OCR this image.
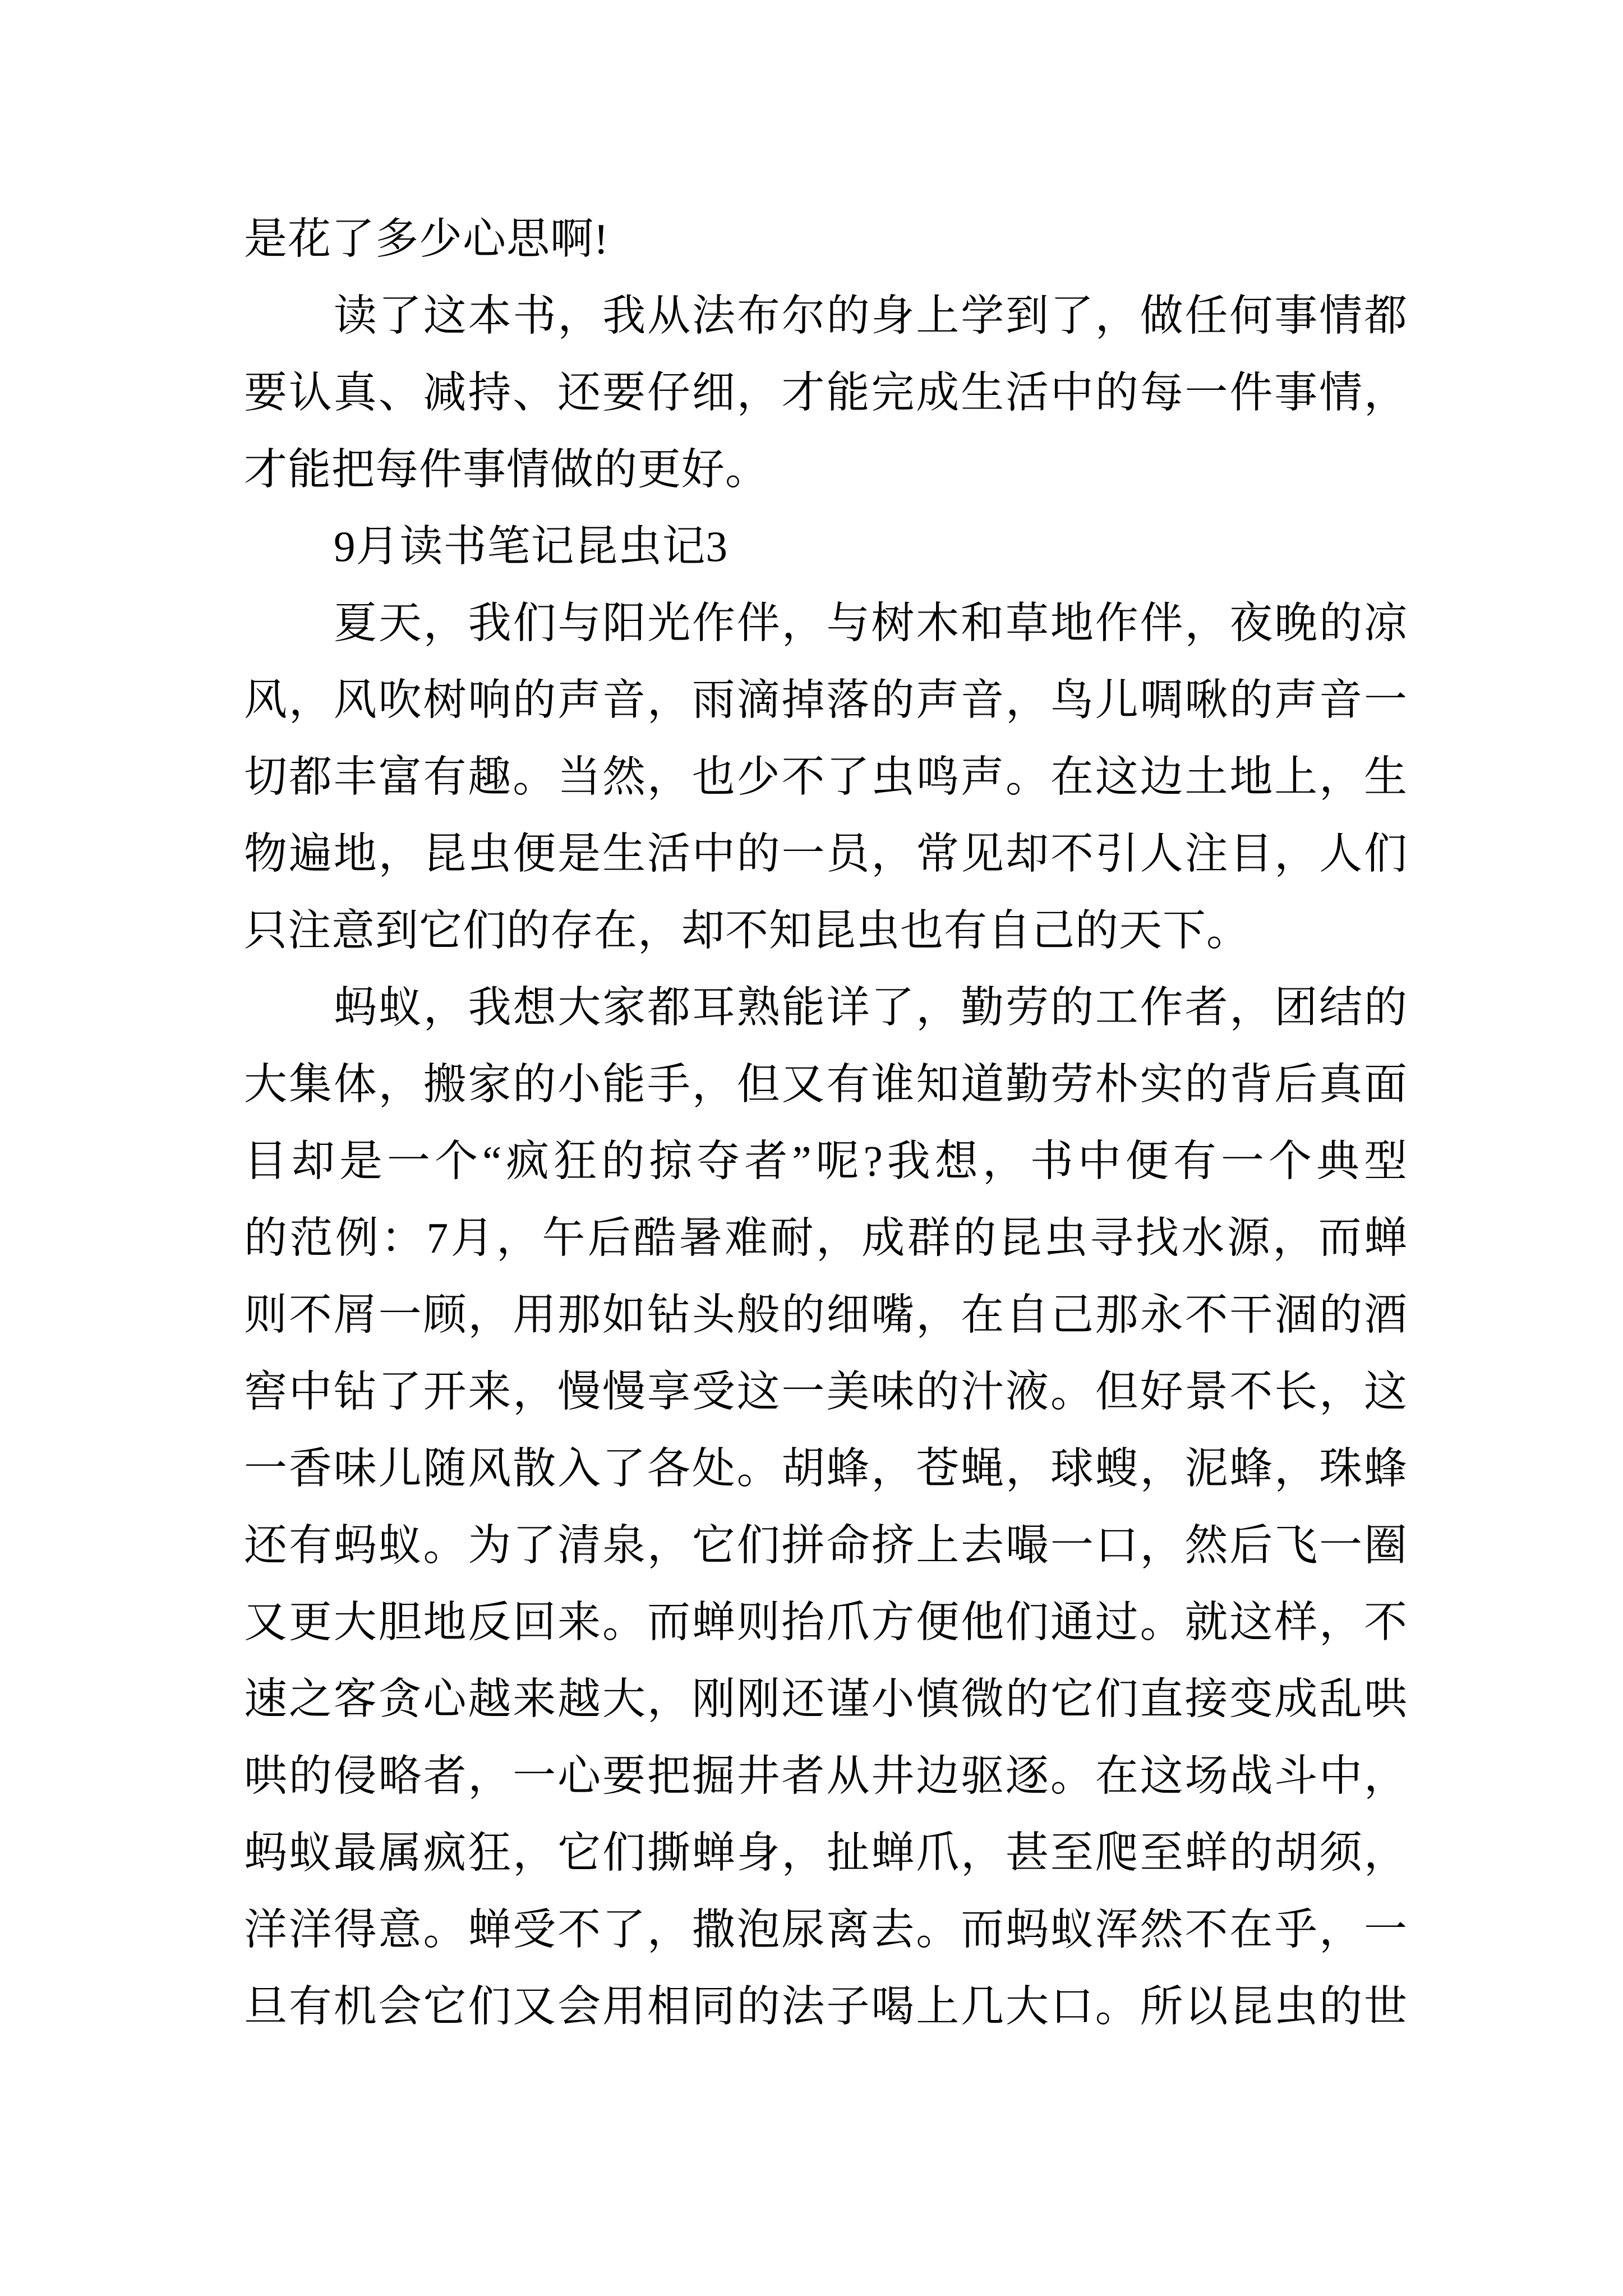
是花了多少心思啊!
读了这本书，我从法布尔的身上学到了，做任何事情都
要认真、减持、还要仔细，才能完成生活中的每一件事情，
才能把每件事情做的更好。
9月读书笔记昆虫记3
夏天，我们与阳光作伴，与树木和草地作伴，夜晚的凉
风，风吹树响的声音，雨滴掉落的声音，鸟儿啁啾的声音一
切都丰富有趣。当然，也少不了虫鸣声。在这边土地上，生
物遍地，昆虫便是生活中的一员，常见却不引人注目，人们
只注意到它们的存在，却不知昆虫也有自己的天下。
蚂蚁，我想大家都耳熟能详了，勤劳的工作者，团结的
大集体，搬家的小能手，但又有谁知道勤劳朴实的背后真面
目却是一个“疯狂的掠夺者”呢?我想，书中便有一个典型
的范例：7月，午后酷暑难耐，成群的昆虫寻找水源，而蝉
则不屑一顾，用那如钻头般的细嘴，在自己那永不干涸的酒
窖中钻了开来，慢慢享受这一美味的汁液。但好景不长，这
一香味儿随风散入了各处。胡蜂，苍蝇，球螋，泥蜂，珠蜂
还有蚂蚁。为了清泉，它们拼命挤上去嘬一口，然后飞一圈
又更大胆地反回来。而蝉则抬爪方便他们通过。就这样，不
速之客贪心越来越大，刚刚还谨小慎微的它们直接变成乱哄
哄的侵略者，一心要把掘井者从井边驱逐。在这场战斗中，
蚂蚁最属疯狂，它们撕蝉身，扯蝉爪，甚至爬至蛘的胡须，
洋洋得意。蝉受不了，撒泡尿离去。而蚂蚁浑然不在乎，一
旦有机会它们又会用相同的法子喝上几大口。所以昆虫的世
